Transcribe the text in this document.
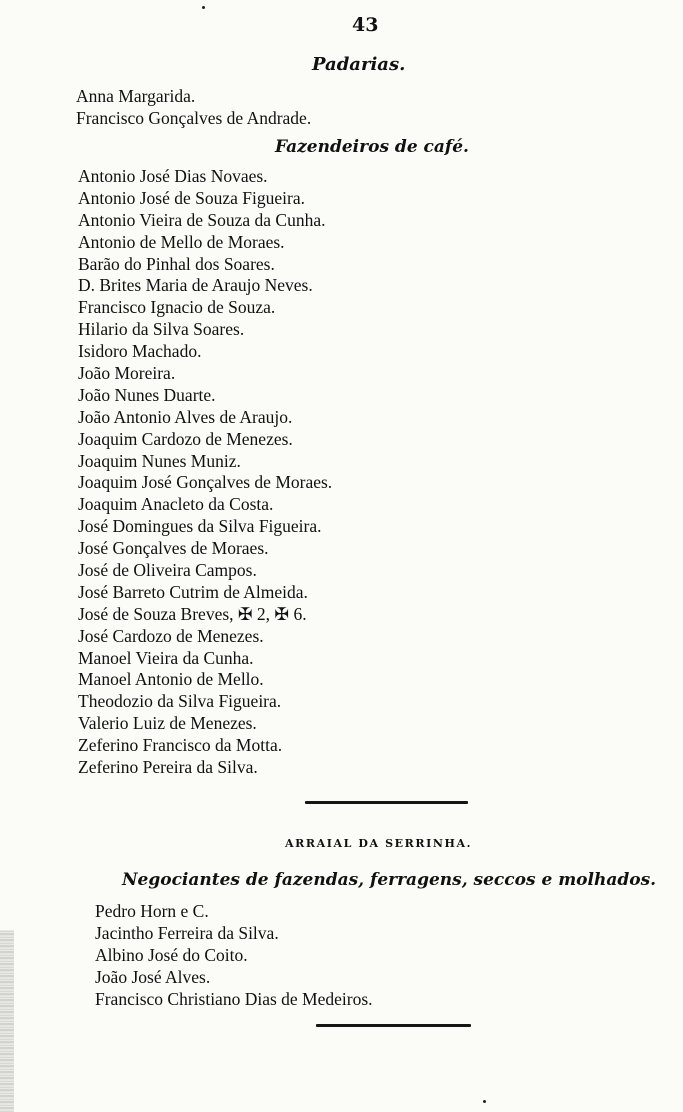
43
Padarias.
Anna Margarida.
Francisco Gonçalves de Andrade.
Fazendeiros de café.
Antonio José Dias Novaes.
Antonio José de Souza Figueira.
Antonio Vieira de Souza da Cunha.
Antonio de Mello de Moraes.
Barão do Pinhal dos Soares.
D. Brites Maria de Araujo Neves.
Francisco Ignacio de Souza.
Hilario da Silva Soares.
Isidoro Machado.
João Moreira.
João Nunes Duarte.
João Antonio Alves de Araujo.
Joaquim Cardozo de Menezes.
Joaquim Nunes Muniz.
Joaquim José Gonçalves de Moraes.
Joaquim Anacleto da Costa.
José Domingues da Silva Figueira.
José Gonçalves de Moraes.
José de Oliveira Campos.
José Barreto Cutrim de Almeida.
José de Souza Breves, ✠ 2, ✠ 6.
José Cardozo de Menezes.
Manoel Vieira da Cunha.
Manoel Antonio de Mello.
Theodozio da Silva Figueira.
Valerio Luiz de Menezes.
Zeferino Francisco da Motta.
Zeferino Pereira da Silva.
ARRAIAL DA SERRINHA.
Negociantes de fazendas, ferragens, seccos e molhados.
Pedro Horn e C.
Jacintho Ferreira da Silva.
Albino José do Coito.
João José Alves.
Francisco Christiano Dias de Medeiros.
